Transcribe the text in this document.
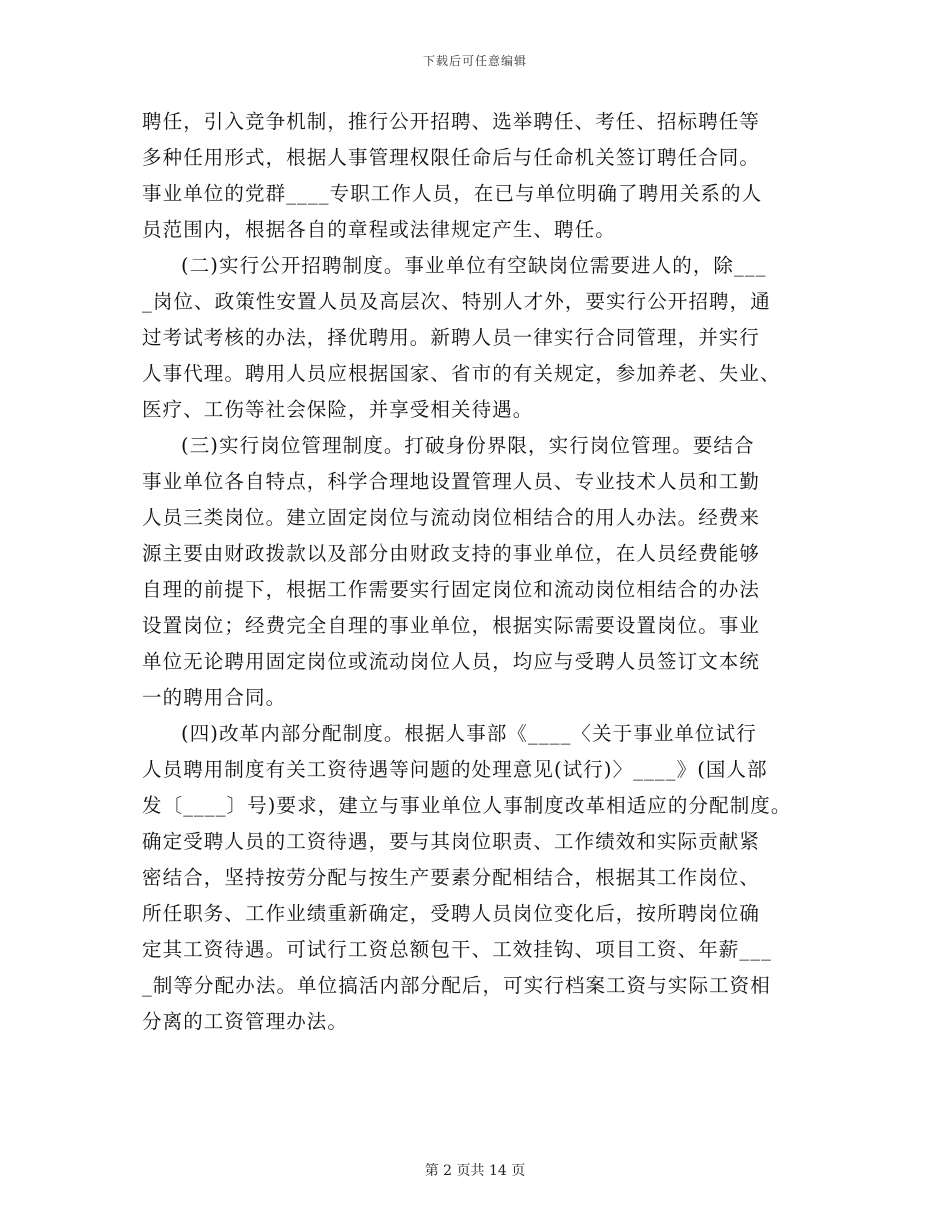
下载后可任意编辑
聘任，引入竞争机制，推行公开招聘、选举聘任、考任、招标聘任等
多种任用形式，根据人事管理权限任命后与任命机关签订聘任合同。
事业单位的党群____专职工作人员，在已与单位明确了聘用关系的人
员范围内，根据各自的章程或法律规定产生、聘任。
(二)实行公开招聘制度。事业单位有空缺岗位需要进人的，除___
_岗位、政策性安置人员及高层次、特别人才外，要实行公开招聘，通
过考试考核的办法，择优聘用。新聘人员一律实行合同管理，并实行
人事代理。聘用人员应根据国家、省市的有关规定，参加养老、失业、
医疗、工伤等社会保险，并享受相关待遇。
(三)实行岗位管理制度。打破身份界限，实行岗位管理。要结合
事业单位各自特点，科学合理地设置管理人员、专业技术人员和工勤
人员三类岗位。建立固定岗位与流动岗位相结合的用人办法。经费来
源主要由财政拨款以及部分由财政支持的事业单位，在人员经费能够
自理的前提下，根据工作需要实行固定岗位和流动岗位相结合的办法
设置岗位；经费完全自理的事业单位，根据实际需要设置岗位。事业
单位无论聘用固定岗位或流动岗位人员，均应与受聘人员签订文本统
一的聘用合同。
(四)改革内部分配制度。根据人事部《____〈关于事业单位试行
人员聘用制度有关工资待遇等问题的处理意见(试行)〉____》(国人部
发〔____〕号)要求，建立与事业单位人事制度改革相适应的分配制度。
确定受聘人员的工资待遇，要与其岗位职责、工作绩效和实际贡献紧
密结合，坚持按劳分配与按生产要素分配相结合，根据其工作岗位、
所任职务、工作业绩重新确定，受聘人员岗位变化后，按所聘岗位确
定其工资待遇。可试行工资总额包干、工效挂钩、项目工资、年薪___
_制等分配办法。单位搞活内部分配后，可实行档案工资与实际工资相
分离的工资管理办法。
第 2 页共 14 页
